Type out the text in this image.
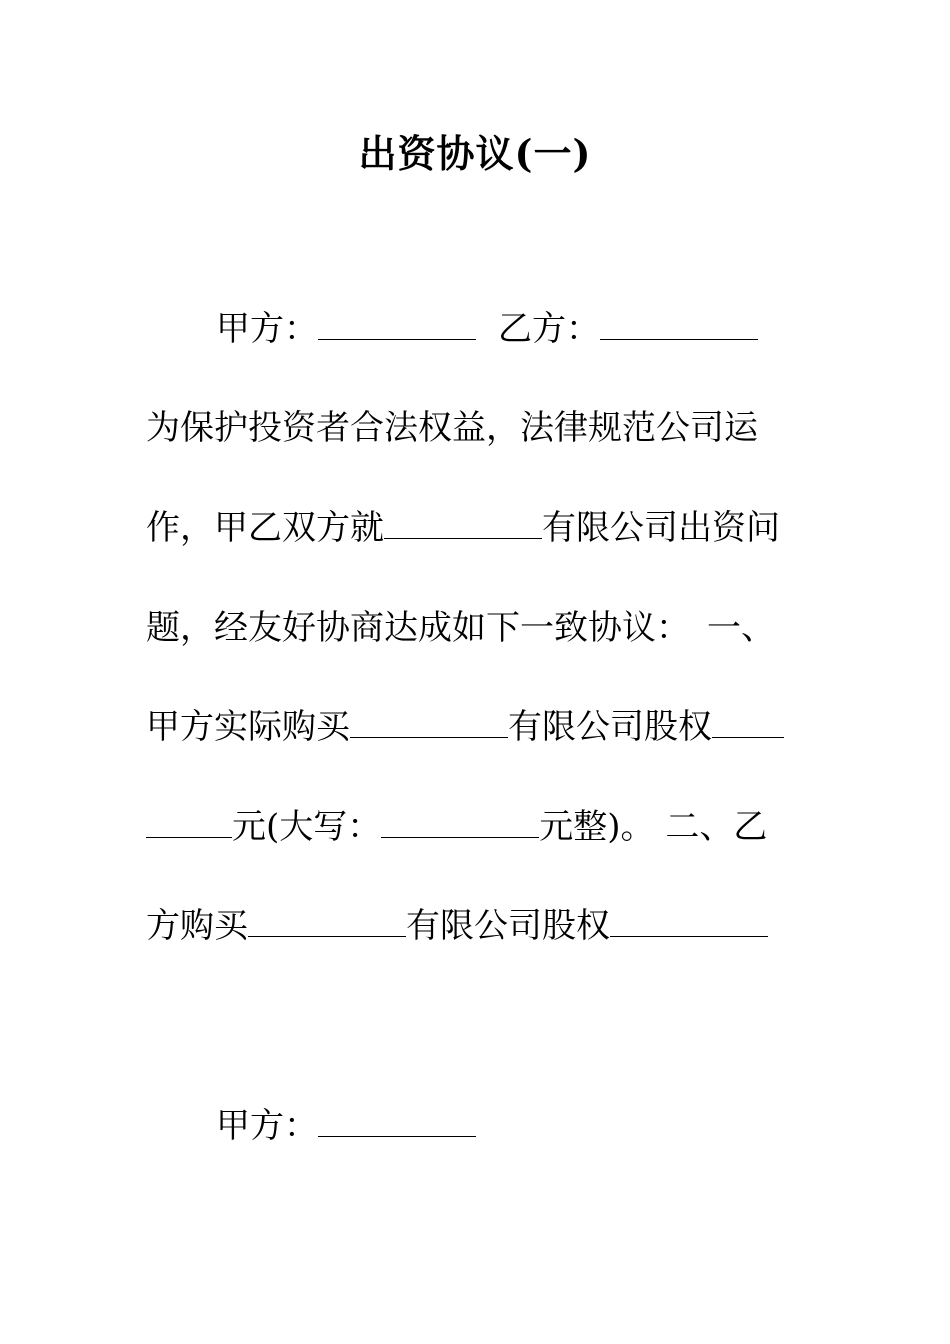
出资协议(一)
甲方：	乙方：
为保护投资者合法权益，法律规范公司运
作，甲乙双方就	有限公司出资问
题，经友好协商达成如下一致协议：　一、
甲方实际购买	有限公司股权
元(大写：	元整)。 二、乙
方购买	有限公司股权
甲方：
